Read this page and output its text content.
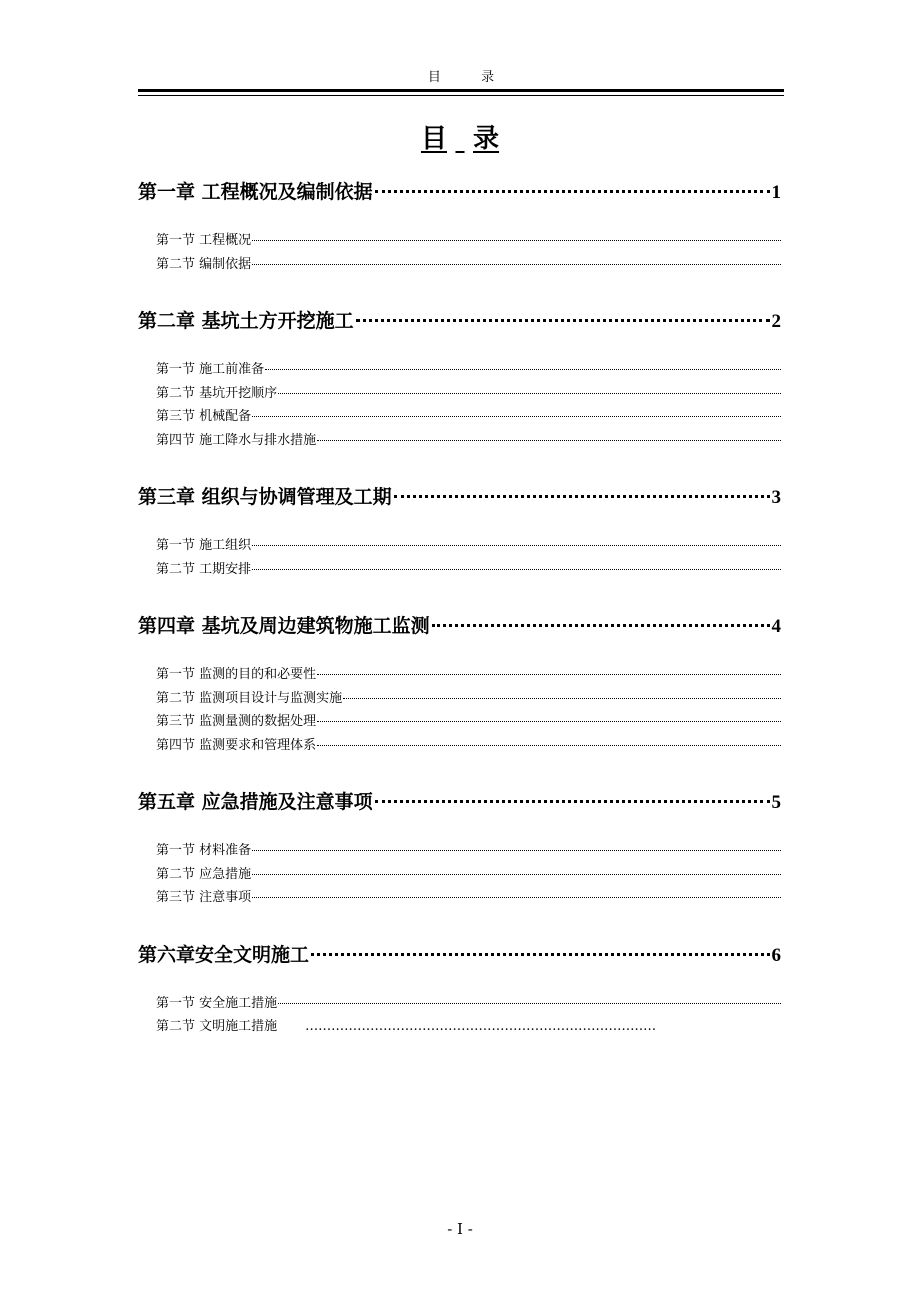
目	录
目 录
第一章 工程概况及编制依据	1
第一节 工程概况
第二节 编制依据
第二章 基坑土方开挖施工	2
第一节 施工前准备
第二节 基坑开挖顺序
第三节 机械配备
第四节 施工降水与排水措施
第三章 组织与协调管理及工期	3
第一节 施工组织
第二节 工期安排
第四章 基坑及周边建筑物施工监测	4
第一节 监测的目的和必要性
第二节 监测项目设计与监测实施
第三节 监测量测的数据处理
第四节 监测要求和管理体系
第五章 应急措施及注意事项	5
第一节 材料准备
第二节 应急措施
第三节 注意事项
第六章安全文明施工	6
第一节 安全施工措施
第二节 文明施工措施 ………………………………………………………………………
- I -
